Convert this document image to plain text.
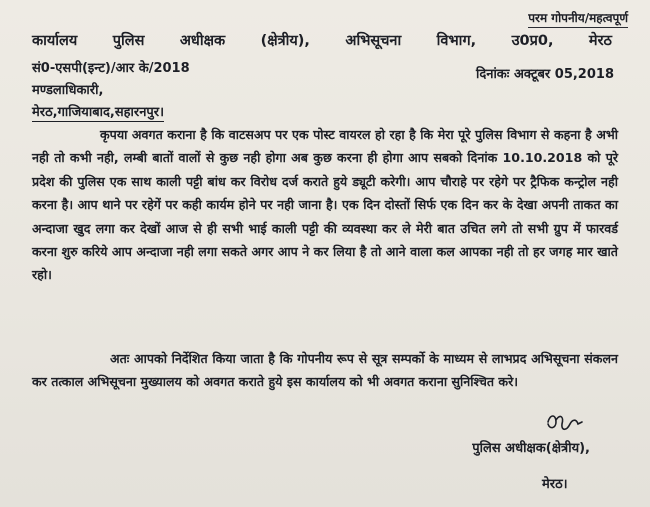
परम गोपनीय/महत्वपूर्ण
कार्यालय पुलिस अधीक्षक (क्षेत्रीय), अभिसूचना विभाग, उ0प्र0, मेरठ
सं0-एसपी(इन्ट)/आर के/2018	दिनांकः अक्टूबर 05,2018
मण्डलाधिकारी,
मेरठ,गाजियाबाद,सहारनपुर।
कृपया अवगत कराना है कि वाटसअप पर एक पोस्ट वायरल हो रहा है कि मेरा पूरे पुलिस विभाग से कहना है अभी नही तो कभी नही, लम्बी बातों वालों से कुछ नही होगा अब कुछ करना ही होगा आप सबको दिनांक 10.10.2018 को पूरे प्रदेश की पुलिस एक साथ काली पट्टी बांध कर विरोध दर्ज कराते हुये ड्यूटी करेगी। आप चौराहे पर रहेगे पर ट्रैफिक कन्ट्रोल नही करना है। आप थाने पर रहेगें पर कही कार्यम होने पर नही जाना है। एक दिन दोस्तों सिर्फ एक दिन कर के देखा अपनी ताकत का अन्दाजा खुद लगा कर देखों आज से ही सभी भाई काली पट्टी की व्यवस्था कर ले मेरी बात उचित लगे तो सभी ग्रुप में फारवर्ड करना शुरु करिये आप अन्दाजा नही लगा सकते अगर आप ने कर लिया है तो आने वाला कल आपका नही तो हर जगह मार खाते रहो।
अतः आपको निर्देशित किया जाता है कि गोपनीय रूप से सूत्र सम्पर्को के माध्यम से लाभप्रद अभिसूचना संकलन कर तत्काल अभिसूचना मुख्यालय को अवगत कराते हुये इस कार्यालय को भी अवगत कराना सुनिश्चित करे।
पुलिस अधीक्षक(क्षेत्रीय),
मेरठ।
